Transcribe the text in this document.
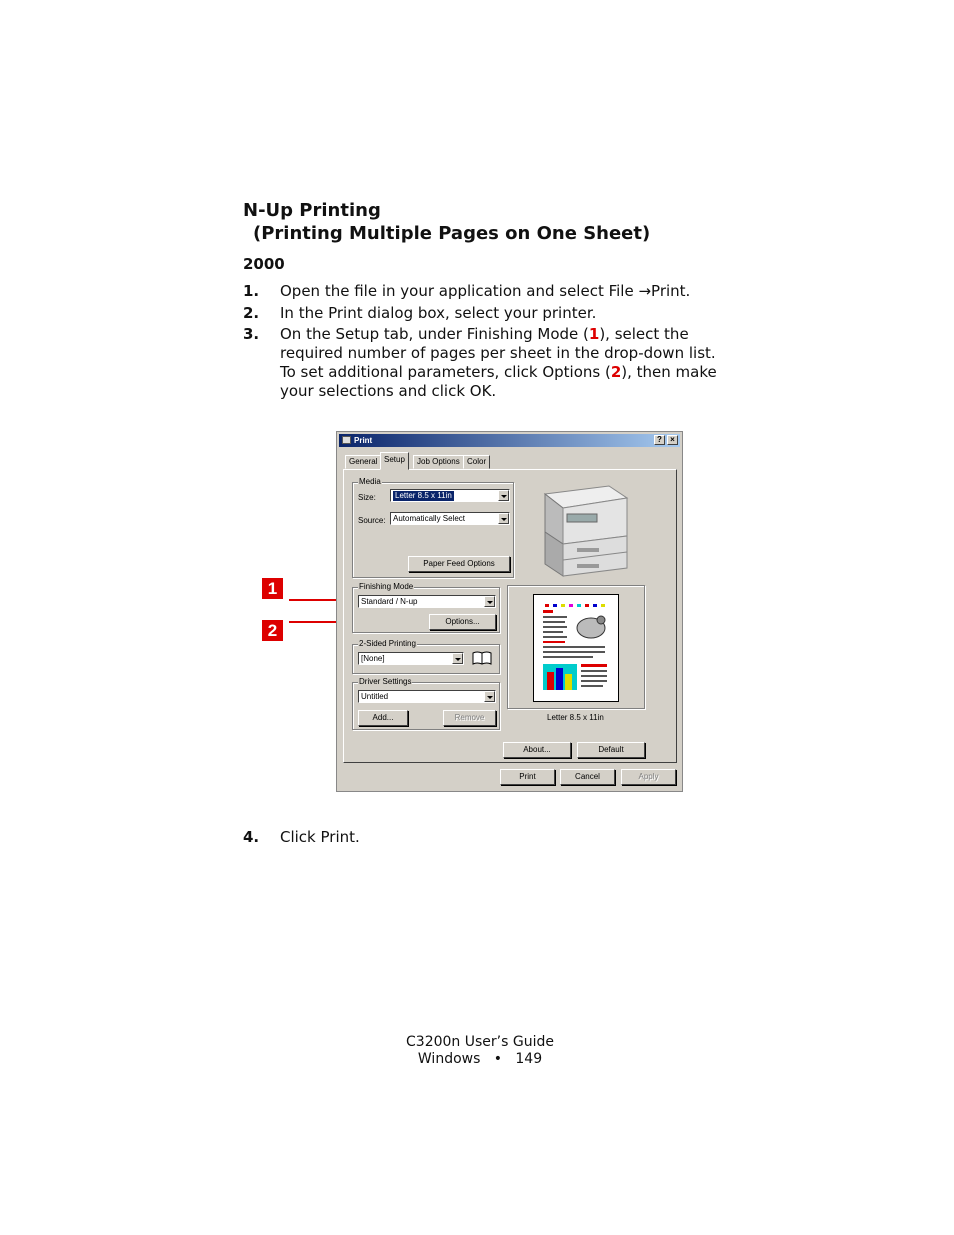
N-Up Printing
(Printing Multiple Pages on One Sheet)
2000
1. Open the file in your application and select File →Print.
2. In the Print dialog box, select your printer.
3. On the Setup tab, under Finishing Mode (1), select the required number of pages per sheet in the drop-down list. To set additional parameters, click Options (2), then make your selections and click OK.
4. Click Print.
1
2
Print	?	×
General Setup	Job Options Color
Media
Size: Letter 8.5 x 11in
Source: Automatically Select
Paper Feed Options
Finishing Mode
Standard / N-up
Options...
2-Sided Printing
[None]
Driver Settings
Untitled
Add...	Remove	Letter 8.5 x 11in
About...	Default
Print	Cancel	Apply
C3200n User’s Guide
Windows • 149
